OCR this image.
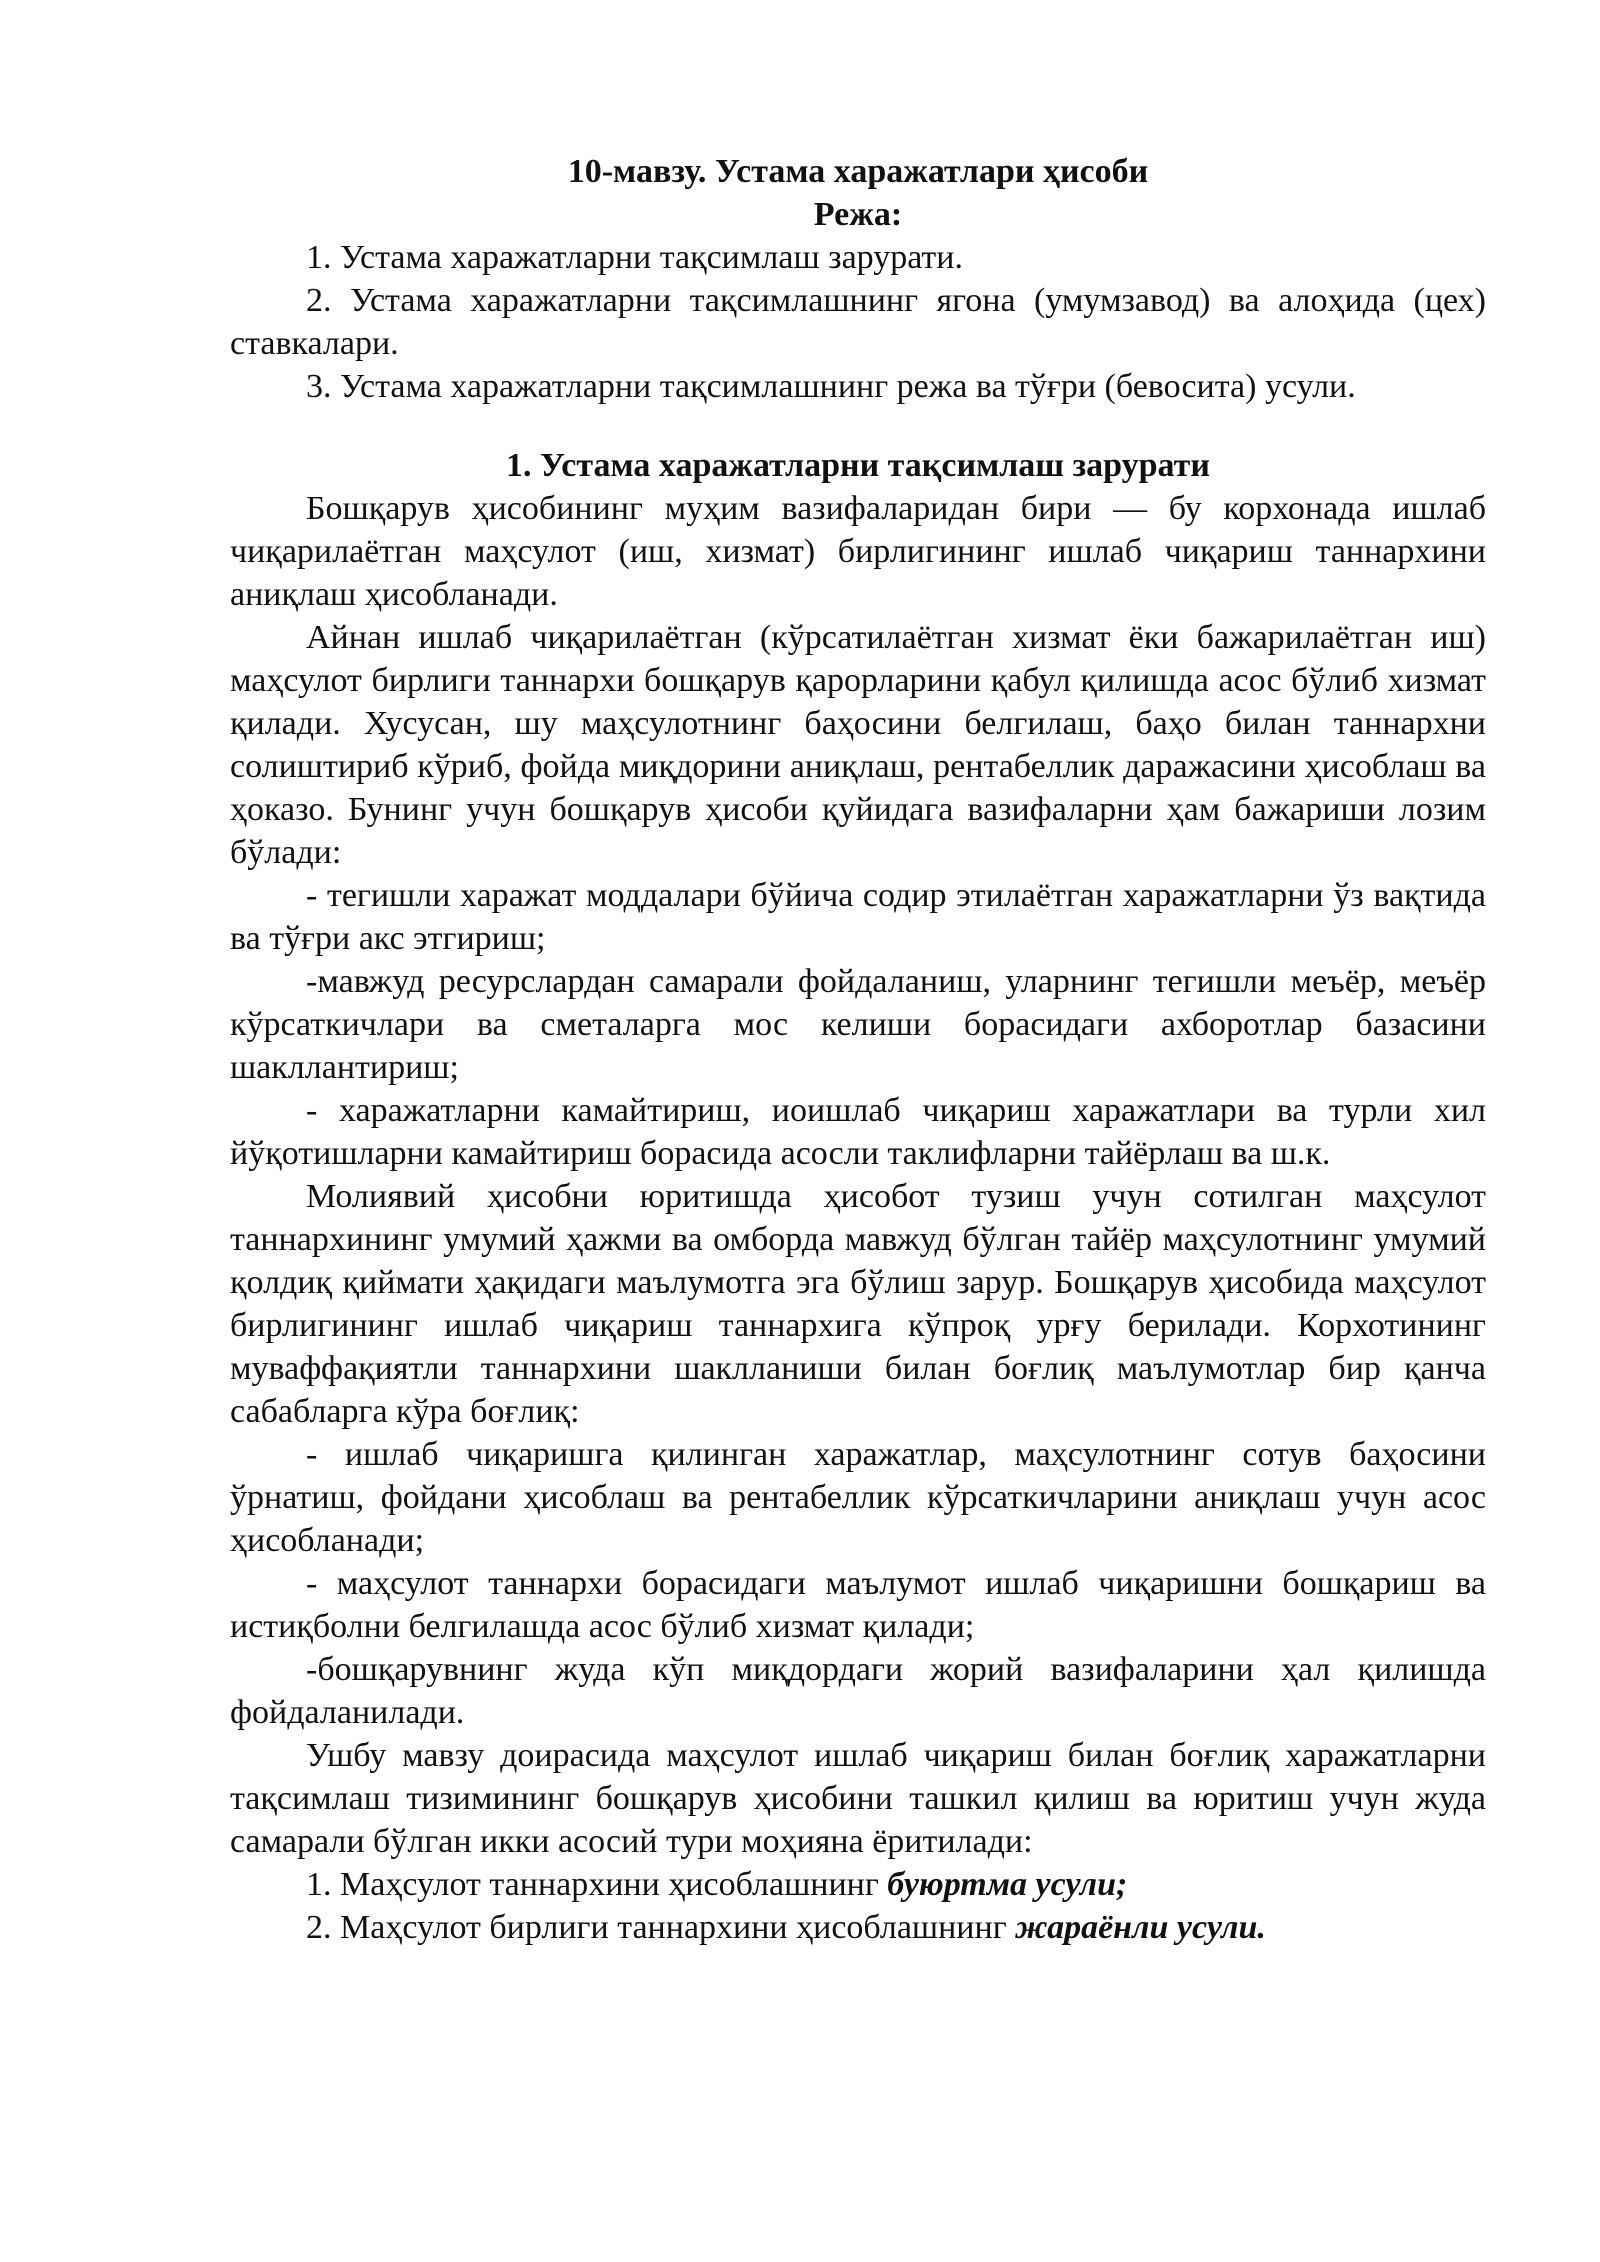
10-мавзу. Устама харажатлари ҳисоби

Режа:

1. Устама харажатларни тақсимлаш зарурати.

2. Устама харажатларни тақсимлашнинг ягона (умумзавод) ва алоҳида (цех) ставкалари.

3. Устама харажатларни тақсимлашнинг режа ва тўғри (бевосита) усули.

1. Устама харажатларни тақсимлаш зарурати

Бошқарув ҳисобининг муҳим вазифаларидан бири — бу корхонада ишлаб чиқарилаётган маҳсулот (иш, хизмат) бирлигининг ишлаб чиқариш таннархини аниқлаш ҳисобланади.

Айнан ишлаб чиқарилаётган (кўрсатилаётган хизмат ёки бажарилаётган иш) маҳсулот бирлиги таннархи бошқарув қарорларини қабул қилишда асос бўлиб хизмат қилади. Хусусан, шу маҳсулотнинг баҳосини белгилаш, баҳо билан таннархни солиштириб кўриб, фойда миқдорини аниқлаш, рентабеллик даражасини ҳисоблаш ва ҳоказо. Бунинг учун бошқарув ҳисоби қуйидага вазифаларни ҳам бажариши лозим бўлади:

- тегишли харажат моддалари бўйича содир этилаётган харажатларни ўз вақтида ва тўғри акс этгириш;

-мавжуд ресурслардан самарали фойдаланиш, уларнинг тегишли меъёр, меъёр кўрсаткичлари ва сметаларга мос келиши борасидаги ахборотлар базасини шакллантириш;

- харажатларни камайтириш, иоишлаб чиқариш харажатлари ва турли хил йўқотишларни камайтириш борасида асосли таклифларни тайёрлаш ва ш.к.

Молиявий ҳисобни юритишда ҳисобот тузиш учун сотилган маҳсулот таннархининг умумий ҳажми ва омборда мавжуд бўлган тайёр маҳсулотнинг умумий қолдиқ қиймати ҳақидаги маълумотга эга бўлиш зарур. Бошқарув ҳисобида маҳсулот бирлигининг ишлаб чиқариш таннархига кўпроқ урғу берилади. Корхотининг муваффақиятли таннархини шаклланиши билан боғлиқ маълумотлар бир қанча сабабларга кўра боғлиқ:

- ишлаб чиқаришга қилинган харажатлар, маҳсулотнинг сотув баҳосини ўрнатиш, фойдани ҳисоблаш ва рентабеллик кўрсаткичларини аниқлаш учун асос ҳисобланади;

- маҳсулот таннархи борасидаги маълумот ишлаб чиқаришни бошқариш ва истиқболни белгилашда асос бўлиб хизмат қилади;

-бошқарувнинг жуда кўп миқдордаги жорий вазифаларини ҳал қилишда фойдаланилади.

Ушбу мавзу доирасида маҳсулот ишлаб чиқариш билан боғлиқ харажатларни тақсимлаш тизимининг бошқарув ҳисобини ташкил қилиш ва юритиш учун жуда самарали бўлган икки асосий тури моҳияна ёритилади:

1. Маҳсулот таннархини ҳисоблашнинг буюртма усули;

2. Маҳсулот бирлиги таннархини ҳисоблашнинг жараёнли усули.
